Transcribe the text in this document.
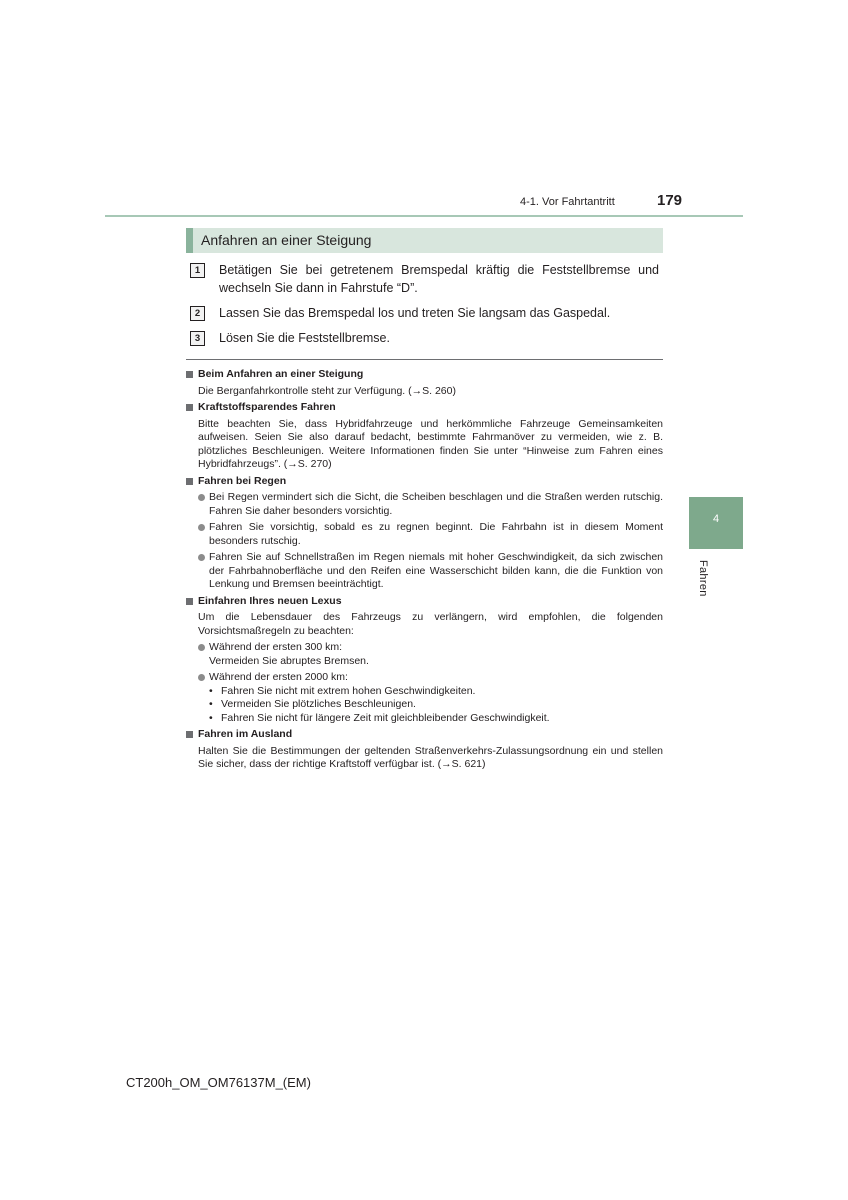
4-1. Vor Fahrtantritt	179
4
Fahren
Anfahren an einer Steigung
1	Betätigen Sie bei getretenem Bremspedal kräftig die Feststellbremse und wechseln Sie dann in Fahrstufe “D”.
2	Lassen Sie das Bremspedal los und treten Sie langsam das Gaspedal.
3	Lösen Sie die Feststellbremse.
Beim Anfahren an einer Steigung
Die Berganfahrkontrolle steht zur Verfügung. (→S. 260)
Kraftstoffsparendes Fahren
Bitte beachten Sie, dass Hybridfahrzeuge und herkömmliche Fahrzeuge Gemeinsamkeiten aufweisen. Seien Sie also darauf bedacht, bestimmte Fahrmanöver zu vermeiden, wie z. B. plötzliches Beschleunigen. Weitere Informationen finden Sie unter “Hinweise zum Fahren eines Hybridfahrzeugs”. (→S. 270)
Fahren bei Regen
Bei Regen vermindert sich die Sicht, die Scheiben beschlagen und die Straßen werden rutschig. Fahren Sie daher besonders vorsichtig.
Fahren Sie vorsichtig, sobald es zu regnen beginnt. Die Fahrbahn ist in diesem Moment besonders rutschig.
Fahren Sie auf Schnellstraßen im Regen niemals mit hoher Geschwindigkeit, da sich zwischen der Fahrbahnoberfläche und den Reifen eine Wasserschicht bilden kann, die die Funktion von Lenkung und Bremsen beeinträchtigt.
Einfahren Ihres neuen Lexus
Um die Lebensdauer des Fahrzeugs zu verlängern, wird empfohlen, die folgenden Vorsichtsmaßregeln zu beachten:
Während der ersten 300 km:
Vermeiden Sie abruptes Bremsen.
Während der ersten 2000 km:
• Fahren Sie nicht mit extrem hohen Geschwindigkeiten.
• Vermeiden Sie plötzliches Beschleunigen.
• Fahren Sie nicht für längere Zeit mit gleichbleibender Geschwindigkeit.
Fahren im Ausland
Halten Sie die Bestimmungen der geltenden Straßenverkehrs-Zulassungsordnung ein und stellen Sie sicher, dass der richtige Kraftstoff verfügbar ist. (→S. 621)
CT200h_OM_OM76137M_(EM)
